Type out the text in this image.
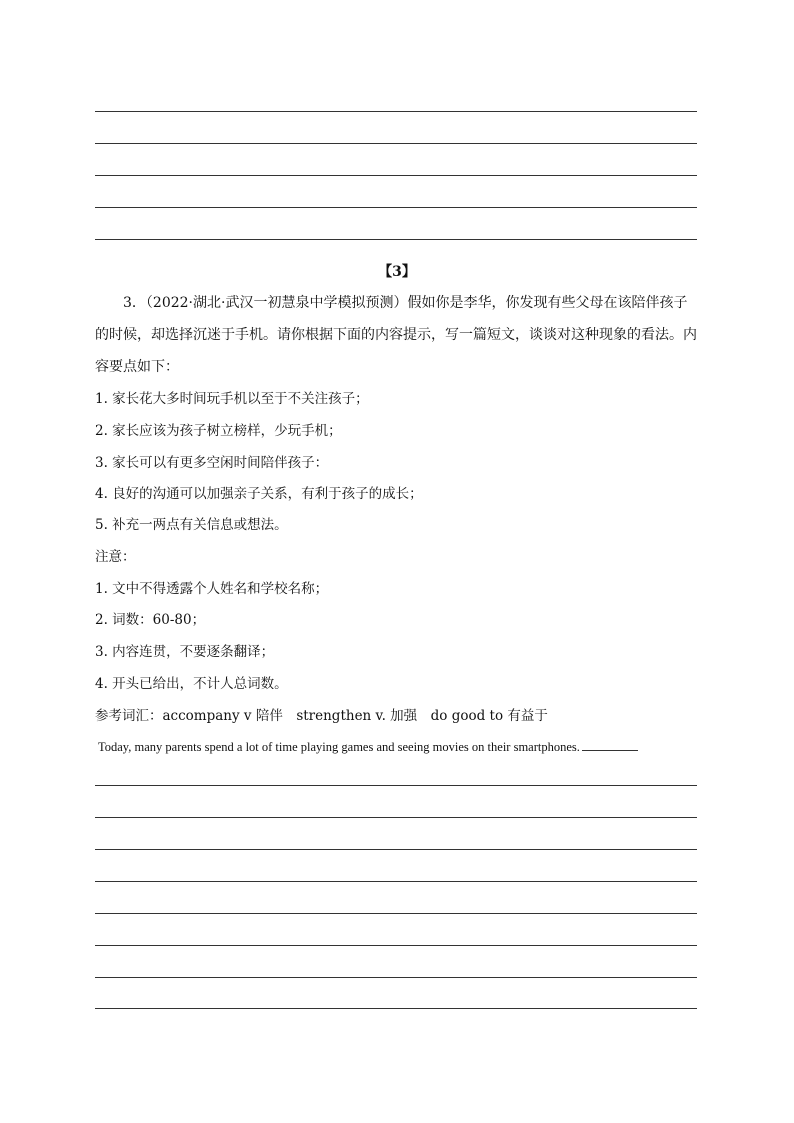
【3】
3．（2022·湖北·武汉一初慧泉中学模拟预测）假如你是李华，你发现有些父母在该陪伴孩子的时候，却选择沉迷于手机。请你根据下面的内容提示，写一篇短文，谈谈对这种现象的看法。内容要点如下：
1. 家长花大多时间玩手机以至于不关注孩子；
2. 家长应该为孩子树立榜样，少玩手机；
3. 家长可以有更多空闲时间陪伴孩子：
4. 良好的沟通可以加强亲子关系，有利于孩子的成长；
5. 补充一两点有关信息或想法。
注意：
1. 文中不得透露个人姓名和学校名称；
2. 词数：60-80；
3. 内容连贯，不要逐条翻译；
4. 开头已给出，不计人总词数。
参考词汇：accompany v 陪伴　strengthen v. 加强　do good to 有益于
Today, many parents spend a lot of time playing games and seeing movies on their smartphones.
